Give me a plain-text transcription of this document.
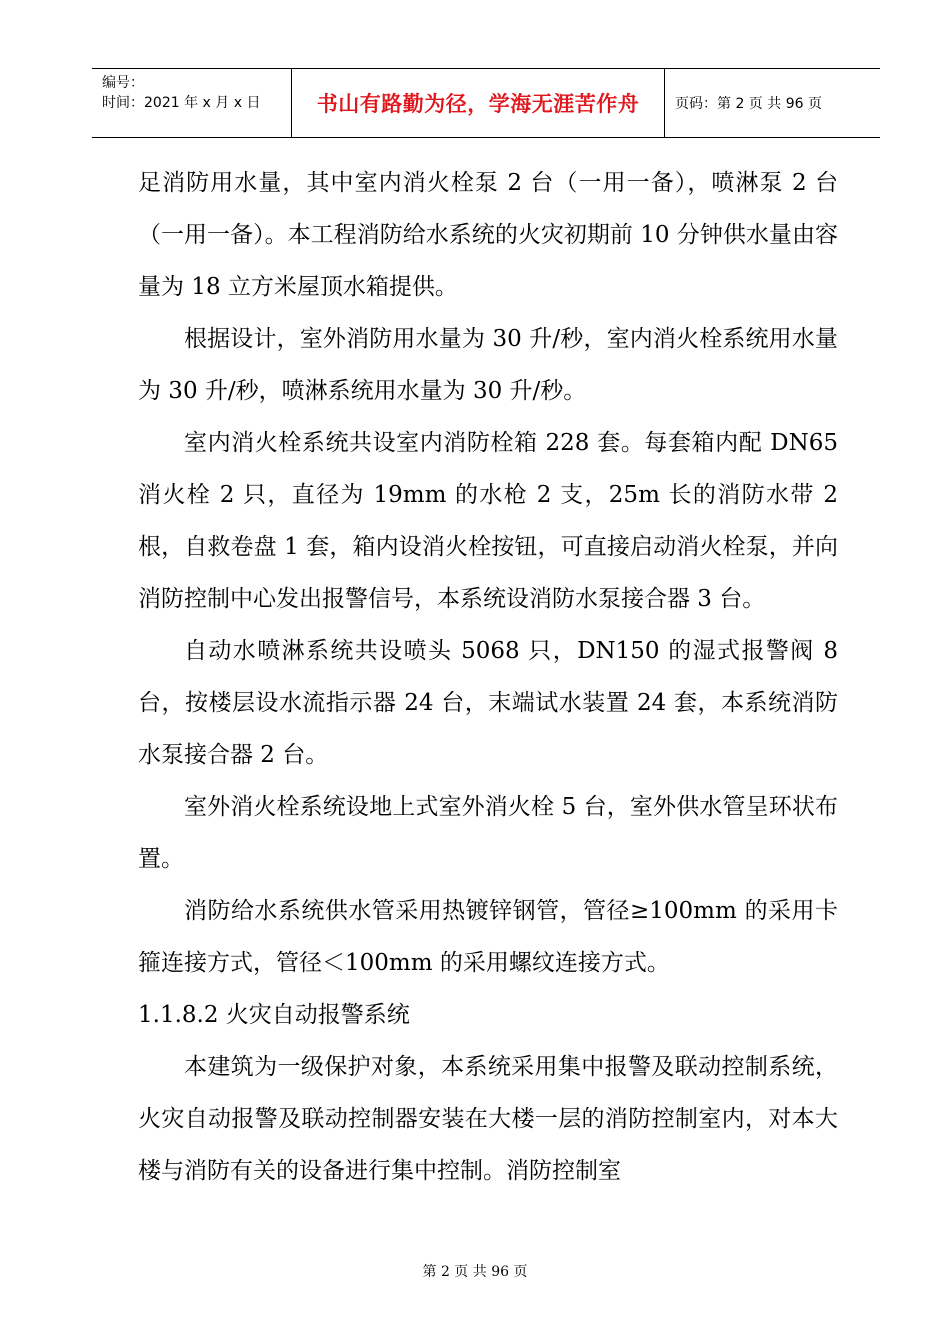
编号：
时间：2021 年 x 月 x 日	书山有路勤为径，学海无涯苦作舟	页码：第 2 页 共 96 页

足消防用水量，其中室内消火栓泵 2 台（一用一备），喷淋泵 2 台（一用一备）。本工程消防给水系统的火灾初期前 10 分钟供水量由容量为 18 立方米屋顶水箱提供。

根据设计，室外消防用水量为 30 升/秒，室内消火栓系统用水量为 30 升/秒，喷淋系统用水量为 30 升/秒。

室内消火栓系统共设室内消防栓箱 228 套。每套箱内配 DN65 消火栓 2 只，直径为 19mm 的水枪 2 支，25m 长的消防水带 2 根，自救卷盘 1 套，箱内设消火栓按钮，可直接启动消火栓泵，并向消防控制中心发出报警信号，本系统设消防水泵接合器 3 台。

自动水喷淋系统共设喷头 5068 只，DN150 的湿式报警阀 8 台，按楼层设水流指示器 24 台，末端试水装置 24 套，本系统消防水泵接合器 2 台。

室外消火栓系统设地上式室外消火栓 5 台，室外供水管呈环状布置。

消防给水系统供水管采用热镀锌钢管，管径≥100mm 的采用卡箍连接方式，管径＜100mm 的采用螺纹连接方式。

1.1.8.2 火灾自动报警系统

本建筑为一级保护对象，本系统采用集中报警及联动控制系统，火灾自动报警及联动控制器安装在大楼一层的消防控制室内，对本大楼与消防有关的设备进行集中控制。消防控制室

第 2 页 共 96 页
